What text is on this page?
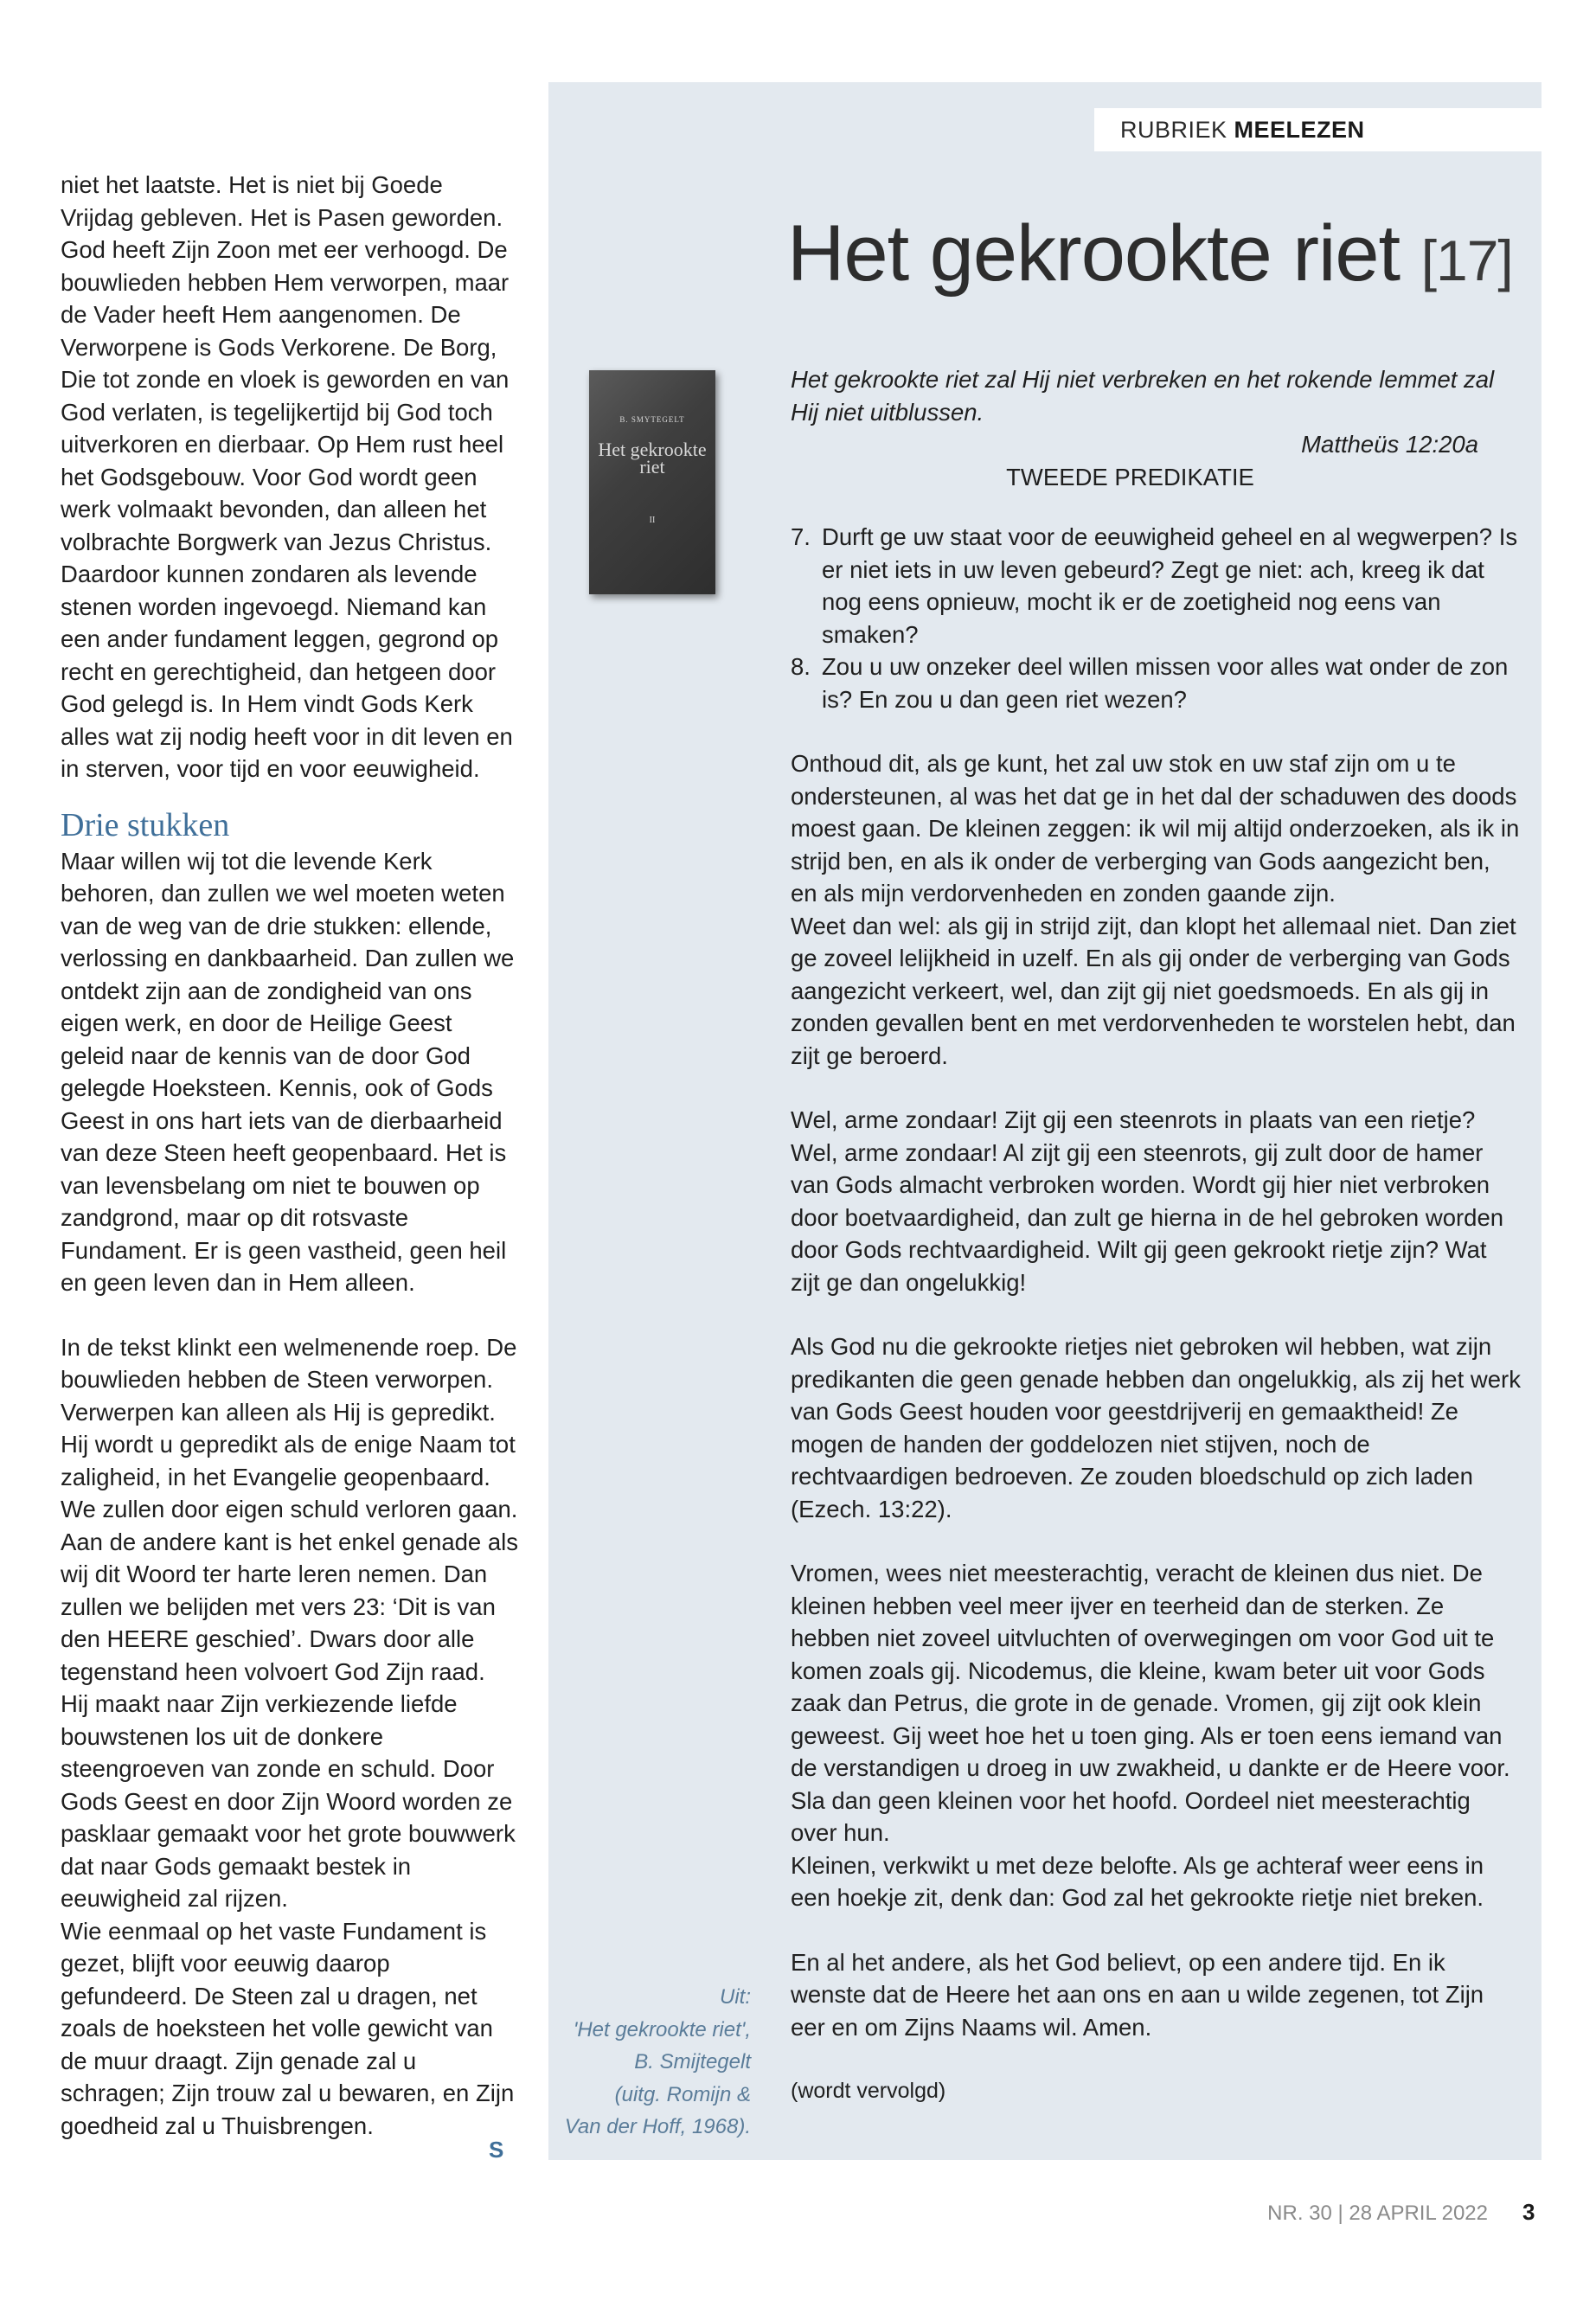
niet het laatste. Het is niet bij Goede Vrijdag gebleven. Het is Pasen geworden. God heeft Zijn Zoon met eer verhoogd. De bouwlieden hebben Hem verworpen, maar de Vader heeft Hem aangenomen. De Verworpene is Gods Verkorene. De Borg, Die tot zonde en vloek is geworden en van God verlaten, is tegelijkertijd bij God toch uitverkoren en dierbaar. Op Hem rust heel het Godsgebouw. Voor God wordt geen werk volmaakt bevonden, dan alleen het volbrachte Borgwerk van Jezus Christus. Daardoor kunnen zondaren als levende stenen worden ingevoegd. Niemand kan een ander fundament leggen, gegrond op recht en gerechtigheid, dan hetgeen door God gelegd is. In Hem vindt Gods Kerk alles wat zij nodig heeft voor in dit leven en in sterven, voor tijd en voor eeuwigheid.

Drie stukken

Maar willen wij tot die levende Kerk behoren, dan zullen we wel moeten weten van de weg van de drie stukken: ellende, verlossing en dankbaarheid. Dan zullen we ontdekt zijn aan de zondigheid van ons eigen werk, en door de Heilige Geest geleid naar de kennis van de door God gelegde Hoeksteen. Kennis, ook of Gods Geest in ons hart iets van de dierbaarheid van deze Steen heeft geopenbaard. Het is van levensbelang om niet te bouwen op zandgrond, maar op dit rotsvaste Fundament. Er is geen vastheid, geen heil en geen leven dan in Hem alleen.

In de tekst klinkt een welmenende roep. De bouwlieden hebben de Steen verworpen. Verwerpen kan alleen als Hij is gepredikt. Hij wordt u gepredikt als de enige Naam tot zaligheid, in het Evangelie geopenbaard. We zullen door eigen schuld verloren gaan. Aan de andere kant is het enkel genade als wij dit Woord ter harte leren nemen. Dan zullen we belijden met vers 23: ‘Dit is van den HEERE geschied’. Dwars door alle tegenstand heen volvoert God Zijn raad. Hij maakt naar Zijn verkiezende liefde bouwstenen los uit de donkere steengroeven van zonde en schuld. Door Gods Geest en door Zijn Woord worden ze pasklaar gemaakt voor het grote bouwwerk dat naar Gods gemaakt bestek in eeuwigheid zal rijzen.

Wie eenmaal op het vaste Fundament is gezet, blijft voor eeuwig daarop gefundeerd. De Steen zal u dragen, net zoals de hoeksteen het volle gewicht van de muur draagt. Zijn genade zal u schragen; Zijn trouw zal u bewaren, en Zijn goedheid zal u Thuisbrengen.

S
RUBRIEK MEELEZEN
Het gekrookte riet [17]
B. SMYTEGELT
Het gekrookte riet
II

Het gekrookte riet zal Hij niet verbreken en het rokende lemmet zal Hij niet uitblussen.

Mattheüs 12:20a

TWEEDE PREDIKATIE

7. Durft ge uw staat voor de eeuwigheid geheel en al wegwerpen? Is er niet iets in uw leven gebeurd? Zegt ge niet: ach, kreeg ik dat nog eens opnieuw, mocht ik er de zoetigheid nog eens van smaken?
8. Zou u uw onzeker deel willen missen voor alles wat onder de zon is? En zou u dan geen riet wezen?

Onthoud dit, als ge kunt, het zal uw stok en uw staf zijn om u te ondersteunen, al was het dat ge in het dal der schaduwen des doods moest gaan. De kleinen zeggen: ik wil mij altijd onderzoeken, als ik in strijd ben, en als ik onder de verberging van Gods aangezicht ben, en als mijn verdorvenheden en zonden gaande zijn.

Weet dan wel: als gij in strijd zijt, dan klopt het allemaal niet. Dan ziet ge zoveel lelijkheid in uzelf. En als gij onder de verberging van Gods aangezicht verkeert, wel, dan zijt gij niet goedsmoeds. En als gij in zonden gevallen bent en met verdorvenheden te worstelen hebt, dan zijt ge beroerd.

Wel, arme zondaar! Zijt gij een steenrots in plaats van een rietje? Wel, arme zondaar! Al zijt gij een steenrots, gij zult door de hamer van Gods almacht verbroken worden. Wordt gij hier niet verbroken door boetvaardigheid, dan zult ge hierna in de hel gebroken worden door Gods rechtvaardigheid. Wilt gij geen gekrookt rietje zijn? Wat zijt ge dan ongelukkig!

Als God nu die gekrookte rietjes niet gebroken wil hebben, wat zijn predikanten die geen genade hebben dan ongelukkig, als zij het werk van Gods Geest houden voor geestdrijverij en gemaaktheid! Ze mogen de handen der goddelozen niet stijven, noch de rechtvaardigen bedroeven. Ze zouden bloedschuld op zich laden (Ezech. 13:22).

Vromen, wees niet meesterachtig, veracht de kleinen dus niet. De kleinen hebben veel meer ijver en teerheid dan de sterken. Ze hebben niet zoveel uitvluchten of overwegingen om voor God uit te komen zoals gij. Nicodemus, die kleine, kwam beter uit voor Gods zaak dan Petrus, die grote in de genade. Vromen, gij zijt ook klein geweest. Gij weet hoe het u toen ging. Als er toen eens iemand van de verstandigen u droeg in uw zwakheid, u dankte er de Heere voor. Sla dan geen kleinen voor het hoofd. Oordeel niet meesterachtig over hun.

Kleinen, verkwikt u met deze belofte. Als ge achteraf weer eens in een hoekje zit, denk dan: God zal het gekrookte rietje niet breken.

En al het andere, als het God believt, op een andere tijd. En ik wenste dat de Heere het aan ons en aan u wilde zegenen, tot Zijn eer en om Zijns Naams wil. Amen.

(wordt vervolgd)

Uit:
'Het gekrookte riet',
B. Smijtegelt
(uitg. Romijn &
Van der Hoff, 1968).
NR. 30 | 28 APRIL 2022 3
